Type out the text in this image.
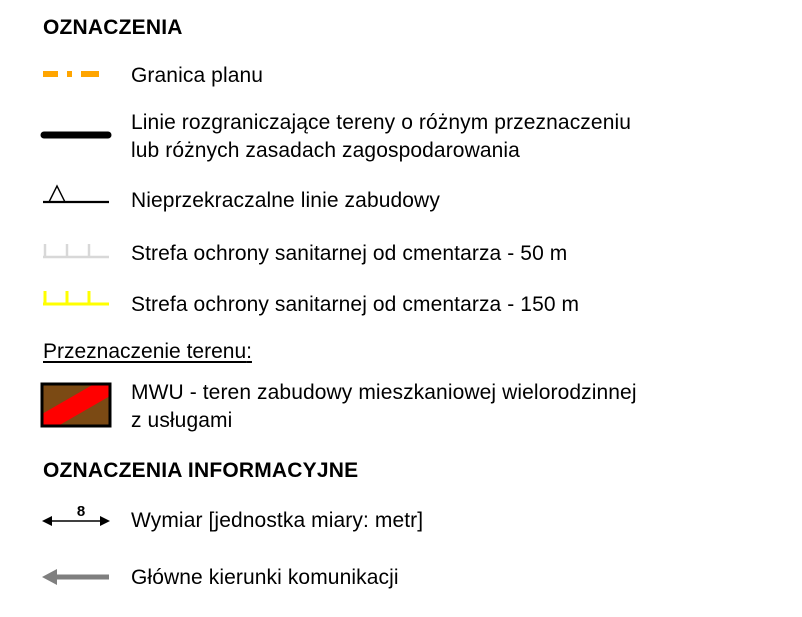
OZNACZENIA
Granica planu
Linie rozgraniczające tereny o różnym przeznaczeniu
lub różnych zasadach zagospodarowania
Nieprzekraczalne linie zabudowy
Strefa ochrony sanitarnej od cmentarza - 50 m
Strefa ochrony sanitarnej od cmentarza - 150 m
Przeznaczenie terenu:
MWU - teren zabudowy mieszkaniowej wielorodzinnej
z usługami
OZNACZENIA INFORMACYJNE
8 Wymiar [jednostka miary: metr]
Główne kierunki komunikacji
